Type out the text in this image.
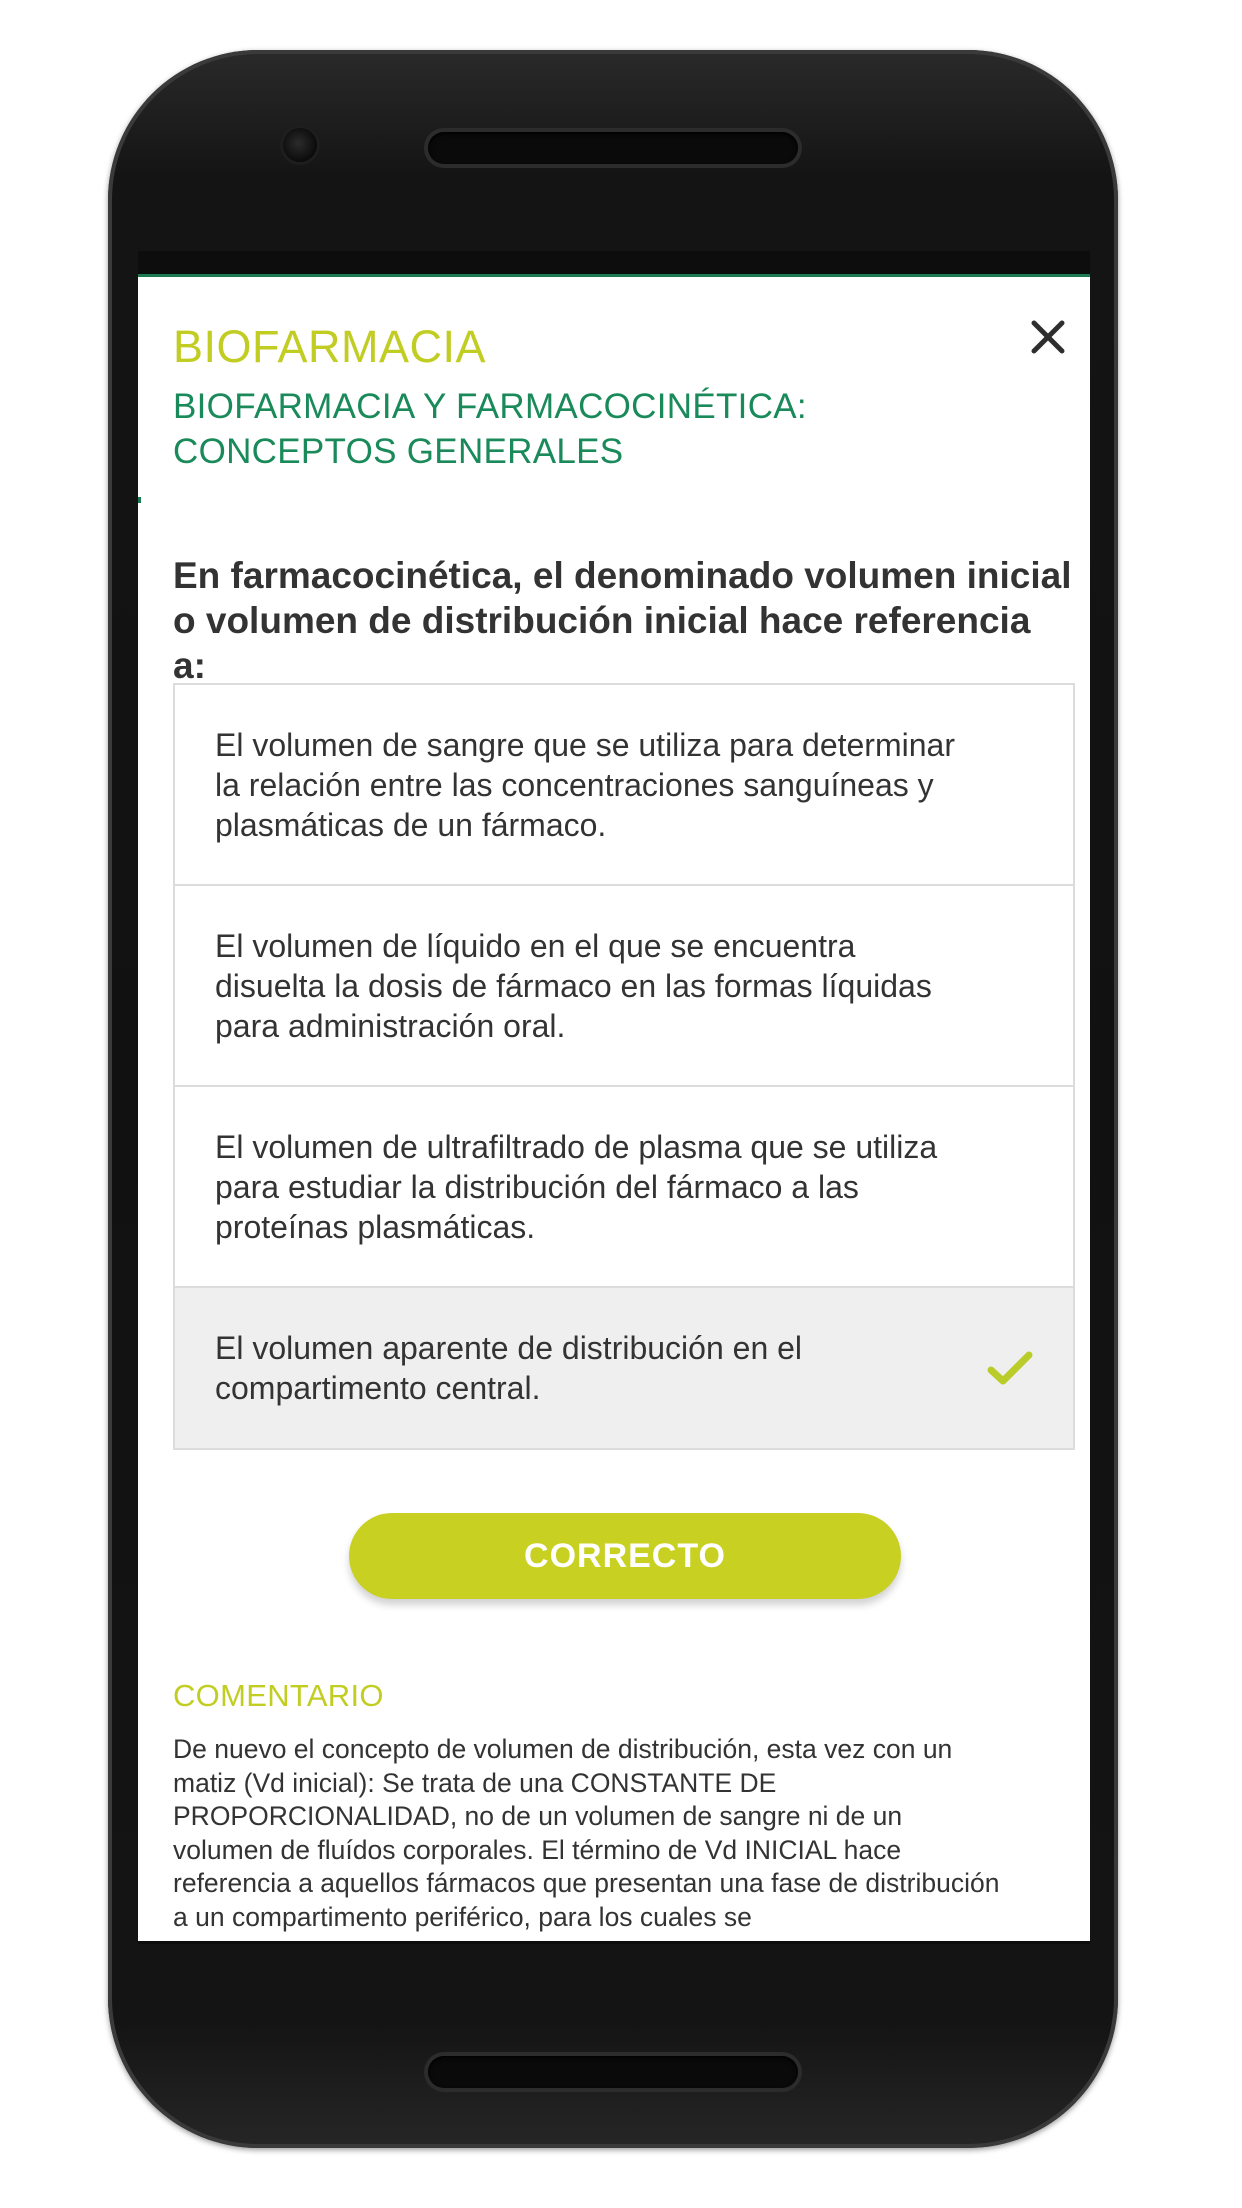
BIOFARMACIA
BIOFARMACIA Y FARMACOCINÉTICA: CONCEPTOS GENERALES
En farmacocinética, el denominado volumen inicial o volumen de distribución inicial hace referencia a:
El volumen de sangre que se utiliza para determinar la relación entre las concentraciones sanguíneas y plasmáticas de un fármaco.
El volumen de líquido en el que se encuentra disuelta la dosis de fármaco en las formas líquidas para administración oral.
El volumen de ultrafiltrado de plasma que se utiliza para estudiar la distribución del fármaco a las proteínas plasmáticas.
El volumen aparente de distribución en el compartimento central.
CORRECTO
COMENTARIO
De nuevo el concepto de volumen de distribución, esta vez con un matiz (Vd inicial): Se trata de una CONSTANTE DE PROPORCIONALIDAD, no de un volumen de sangre ni de un volumen de fluídos corporales. El término de Vd INICIAL hace referencia a aquellos fármacos que presentan una fase de distribución a un compartimento periférico, para los cuales se
